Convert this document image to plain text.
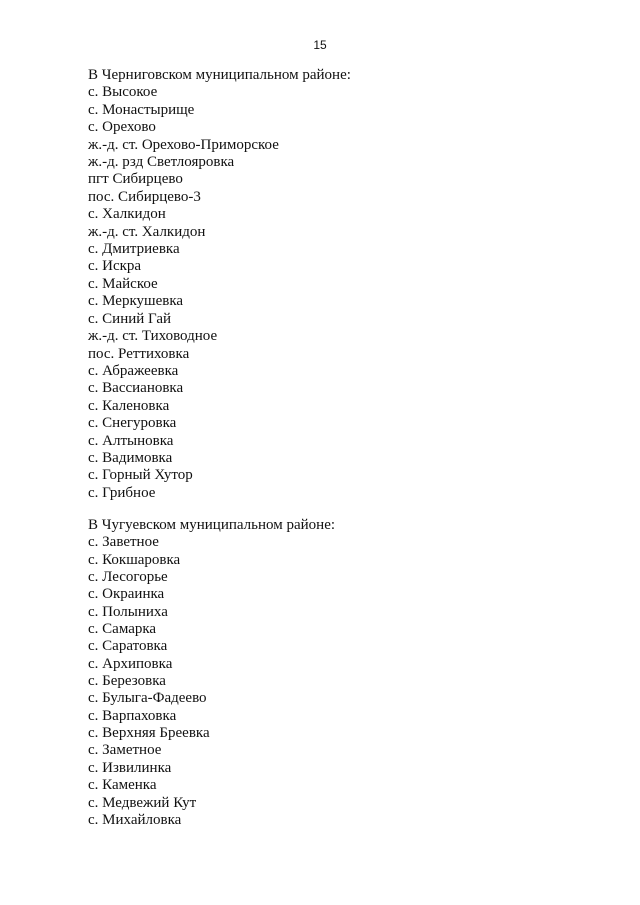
15

В Черниговском муниципальном районе:

с. Высокое

с. Монастырище

с. Орехово

ж.-д. ст. Орехово-Приморское

ж.-д. рзд Светлояровка

пгт Сибирцево

пос. Сибирцево-3

с. Халкидон

ж.-д. ст. Халкидон

с. Дмитриевка

с. Искра

с. Майское

с. Меркушевка

с. Синий Гай

ж.-д. ст. Тиховодное

пос. Реттиховка

с. Абражеевка

с. Вассиановка

с. Каленовка

с. Снегуровка

с. Алтыновка

с. Вадимовка

с. Горный Хутор

с. Грибное

В Чугуевском муниципальном районе:

с. Заветное

с. Кокшаровка

с. Лесогорье

с. Окраинка

с. Полыниха

с. Самарка

с. Саратовка

с. Архиповка

с. Березовка

с. Булыга-Фадеево

с. Варпаховка

с. Верхняя Бреевка

с. Заметное

с. Извилинка

с. Каменка

с. Медвежий Кут

с. Михайловка
